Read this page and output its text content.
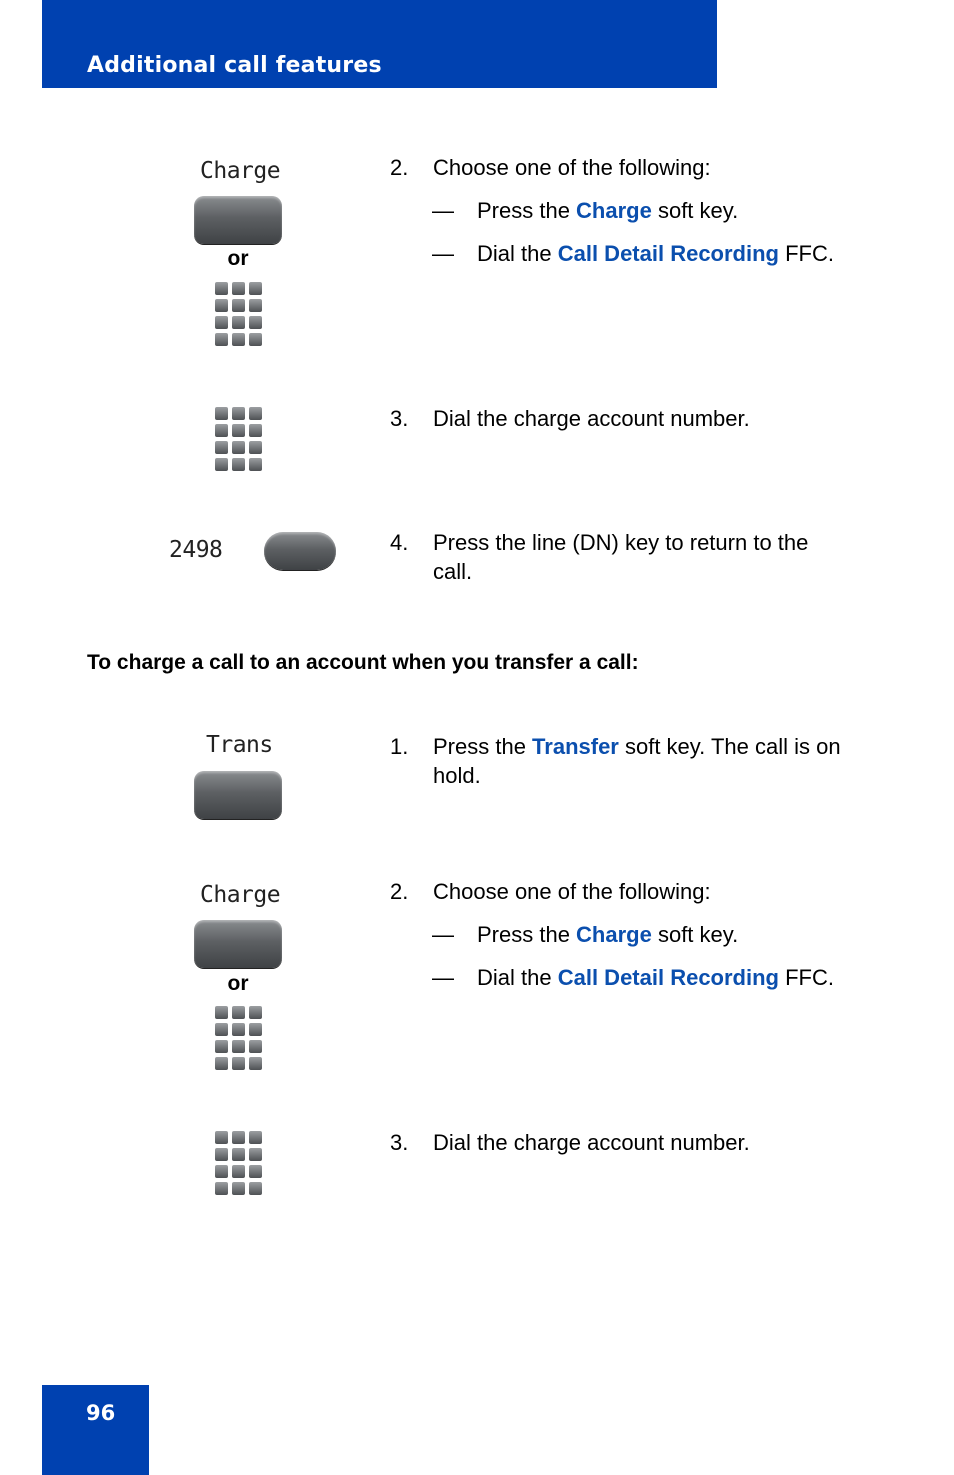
Additional call features
Charge
or
2. Choose one of the following:
— Press the Charge soft key.
— Dial the Call Detail Recording FFC.
3. Dial the charge account number.
2498	4. Press the line (DN) key to return to the call.
To charge a call to an account when you transfer a call:
Trans	1. Press the Transfer soft key. The call is on hold.
Charge
or
2. Choose one of the following:
— Press the Charge soft key.
— Dial the Call Detail Recording FFC.
3. Dial the charge account number.
96
